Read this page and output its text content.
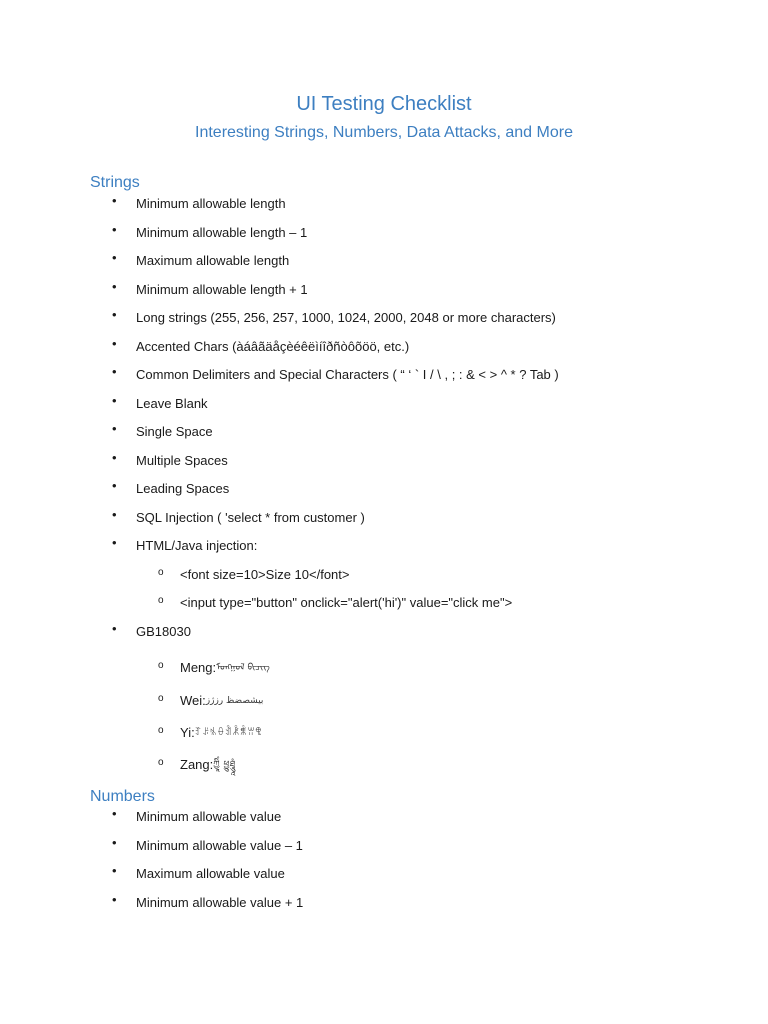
UI Testing Checklist
Interesting Strings, Numbers, Data Attacks, and More
Strings
• Minimum allowable length
• Minimum allowable length – 1
• Maximum allowable length
• Minimum allowable length + 1
• Long strings (255, 256, 257, 1000, 1024, 2000, 2048 or more characters)
• Accented Chars (àáâãäåçèéêëìíîðñòôõöö, etc.)
• Common Delimiters and Special Characters ( “ ‘ ` I / \ , ; : & < > ^ * ? Tab )
• Leave Blank
• Single Space
• Multiple Spaces
• Leading Spaces
• SQL Injection ( 'select * from customer )
• HTML/Java injection:
o <font size=10>Size 10</font>
o <input type="button" onclick="alert('hi')" value="click me">
• GB18030
o Meng:ᠮᠣᠩᠭᠣᠯ ᠪᠢᠴᠢᠭ᠌
o Wei:ﺑﻴﺸﺼﻀﻆ ﺭﺯﮊﺯ
o Yi:ꆈꌠꁱꂷꀉꂾꐨꀕꁸ
o Zang:ཀྱཱིཾ ཕྱུཐཱཱུཾ
Numbers
• Minimum allowable value
• Minimum allowable value – 1
• Maximum allowable value
• Minimum allowable value + 1
